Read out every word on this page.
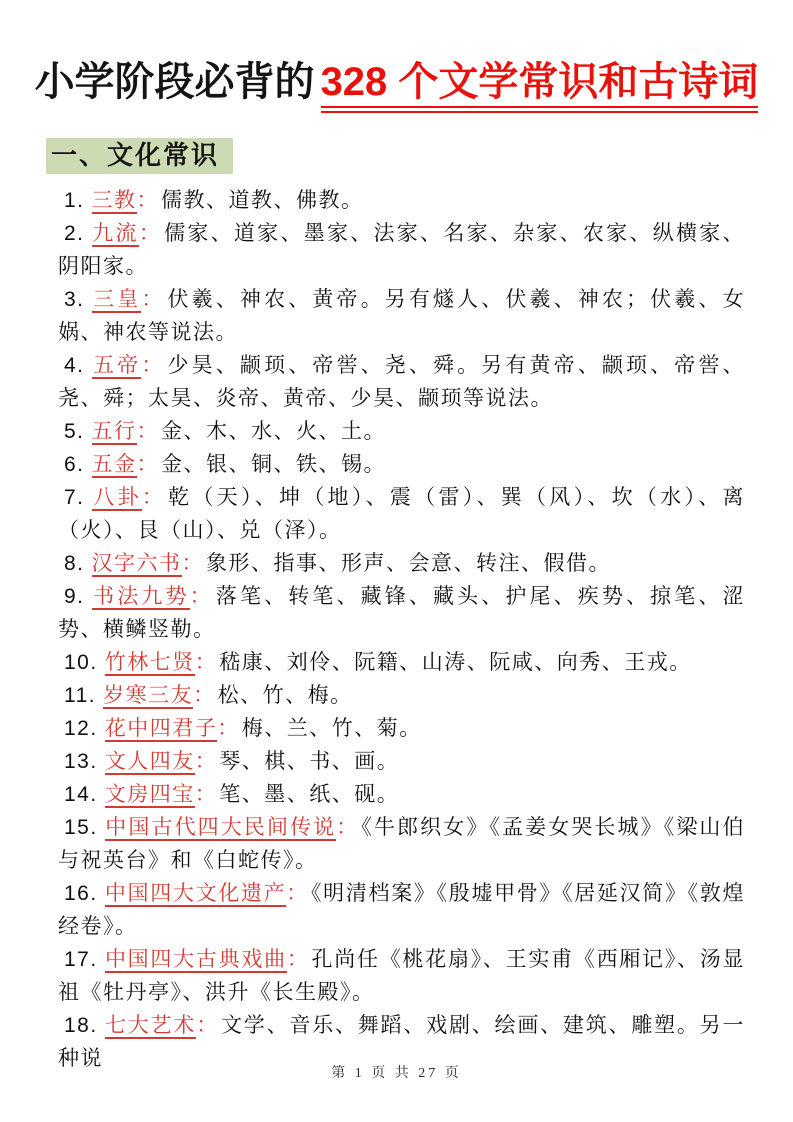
小学阶段必背的 328 个文学常识和古诗词
一、文化常识

1. 三教：儒教、道教、佛教。

2. 九流：儒家、道家、墨家、法家、名家、杂家、农家、纵横家、阴阳家。

3. 三皇：伏羲、神农、黄帝。另有燧人、伏羲、神农；伏羲、女娲、神农等说法。

4. 五帝：少昊、颛顼、帝喾、尧、舜。另有黄帝、颛顼、帝喾、尧、舜；太昊、炎帝、黄帝、少昊、颛顼等说法。

5. 五行：金、木、水、火、土。

6. 五金：金、银、铜、铁、锡。

7. 八卦：乾（天）、坤（地）、震（雷）、巽（风）、坎（水）、离（火）、艮（山）、兑（泽）。

8. 汉字六书：象形、指事、形声、会意、转注、假借。

9. 书法九势：落笔、转笔、藏锋、藏头、护尾、疾势、掠笔、涩势、横鳞竖勒。

10. 竹林七贤：嵇康、刘伶、阮籍、山涛、阮咸、向秀、王戎。

11. 岁寒三友：松、竹、梅。

12. 花中四君子：梅、兰、竹、菊。

13. 文人四友：琴、棋、书、画。

14. 文房四宝：笔、墨、纸、砚。

15. 中国古代四大民间传说：《牛郎织女》《孟姜女哭长城》《梁山伯与祝英台》和《白蛇传》。

16. 中国四大文化遗产：《明清档案》《殷墟甲骨》《居延汉简》《敦煌经卷》。

17. 中国四大古典戏曲：孔尚任《桃花扇》、王实甫《西厢记》、汤显祖《牡丹亭》、洪升《长生殿》。

18. 七大艺术：文学、音乐、舞蹈、戏剧、绘画、建筑、雕塑。另一种说

第 1 页 共 27 页
